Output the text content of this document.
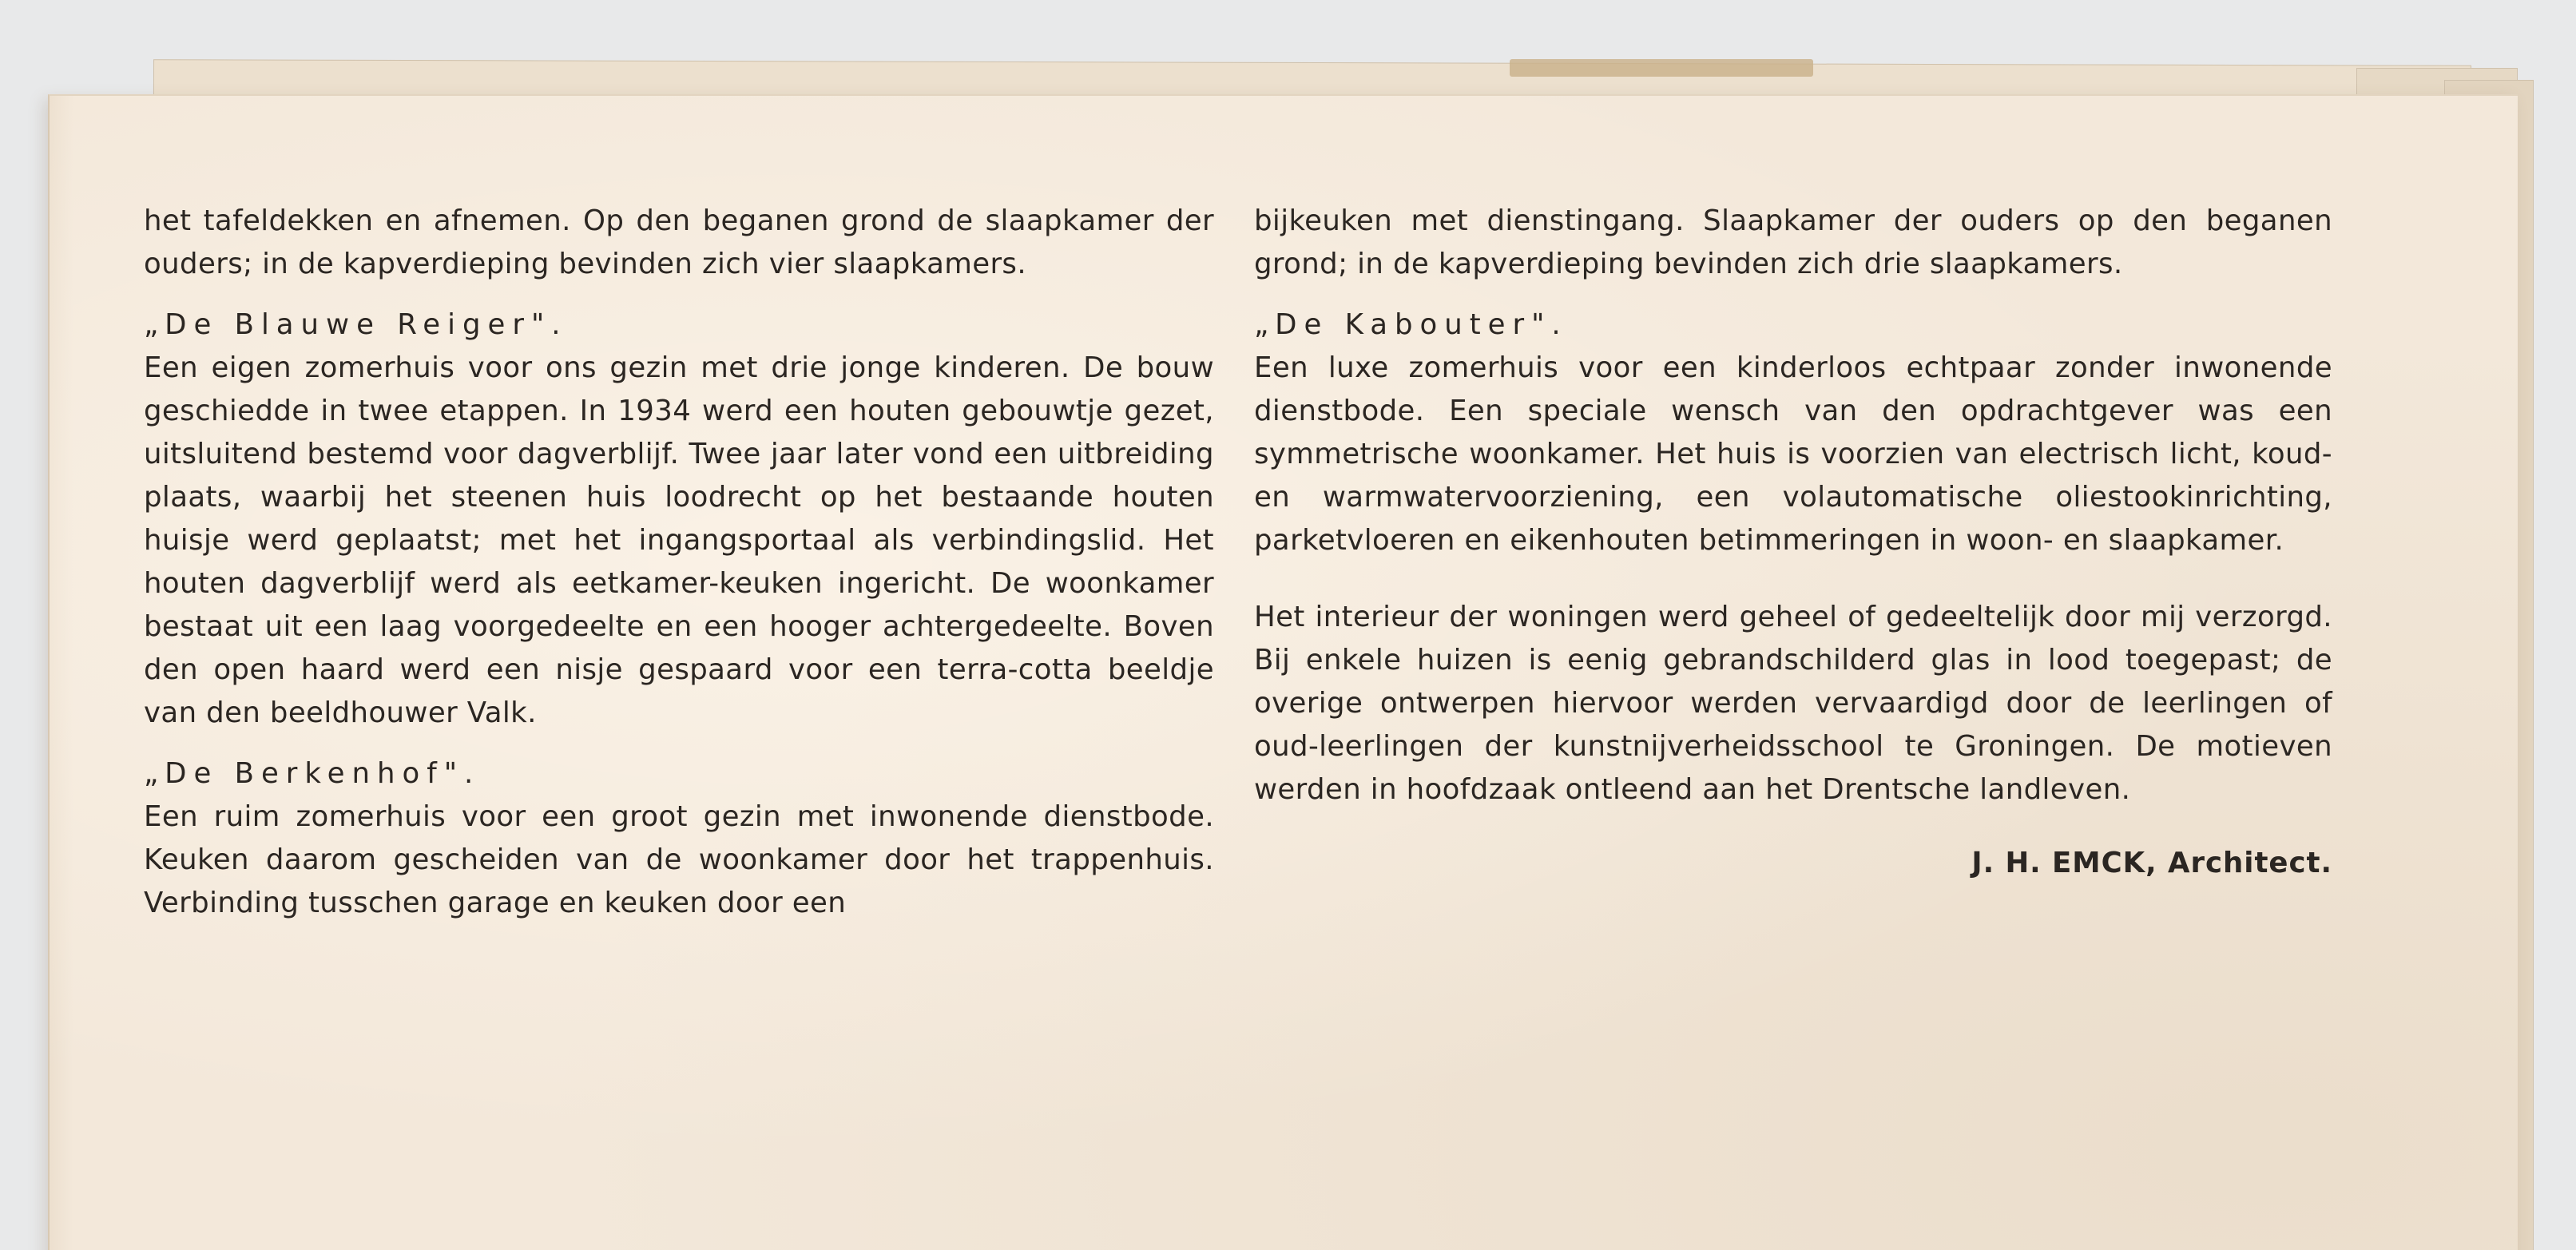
het tafeldekken en afnemen. Op den beganen grond de slaapkamer der ouders; in de kapverdieping bevinden zich vier slaapkamers.

„De Blauwe Reiger".
Een eigen zomerhuis voor ons gezin met drie jonge kinderen. De bouw geschiedde in twee etappen. In 1934 werd een houten gebouwtje gezet, uitsluitend bestemd voor dagverblijf. Twee jaar later vond een uitbreiding plaats, waarbij het steenen huis loodrecht op het bestaande houten huisje werd geplaatst; met het ingangsportaal als verbindingslid. Het houten dagverblijf werd als eetkamer-keuken ingericht. De woonkamer bestaat uit een laag voorgedeelte en een hooger achtergedeelte. Boven den open haard werd een nisje gespaard voor een terra-cotta beeldje van den beeldhouwer Valk.

„De Berkenhof".
Een ruim zomerhuis voor een groot gezin met inwonende dienstbode. Keuken daarom gescheiden van de woonkamer door het trappenhuis. Verbinding tusschen garage en keuken door een

bijkeuken met dienstingang. Slaapkamer der ouders op den beganen grond; in de kapverdieping bevinden zich drie slaapkamers.

„De Kabouter".
Een luxe zomerhuis voor een kinderloos echtpaar zonder inwonende dienstbode. Een speciale wensch van den opdrachtgever was een symmetrische woonkamer. Het huis is voorzien van electrisch licht, koud- en warmwatervoorziening, een volautomatische oliestookinrichting, parketvloeren en eikenhouten betimmeringen in woon- en slaapkamer.

Het interieur der woningen werd geheel of gedeeltelijk door mij verzorgd. Bij enkele huizen is eenig gebrandschilderd glas in lood toegepast; de overige ontwerpen hiervoor werden vervaardigd door de leerlingen of oud-leerlingen der kunstnijverheidsschool te Groningen. De motieven werden in hoofdzaak ontleend aan het Drentsche landleven.

J. H. EMCK, Architect.
